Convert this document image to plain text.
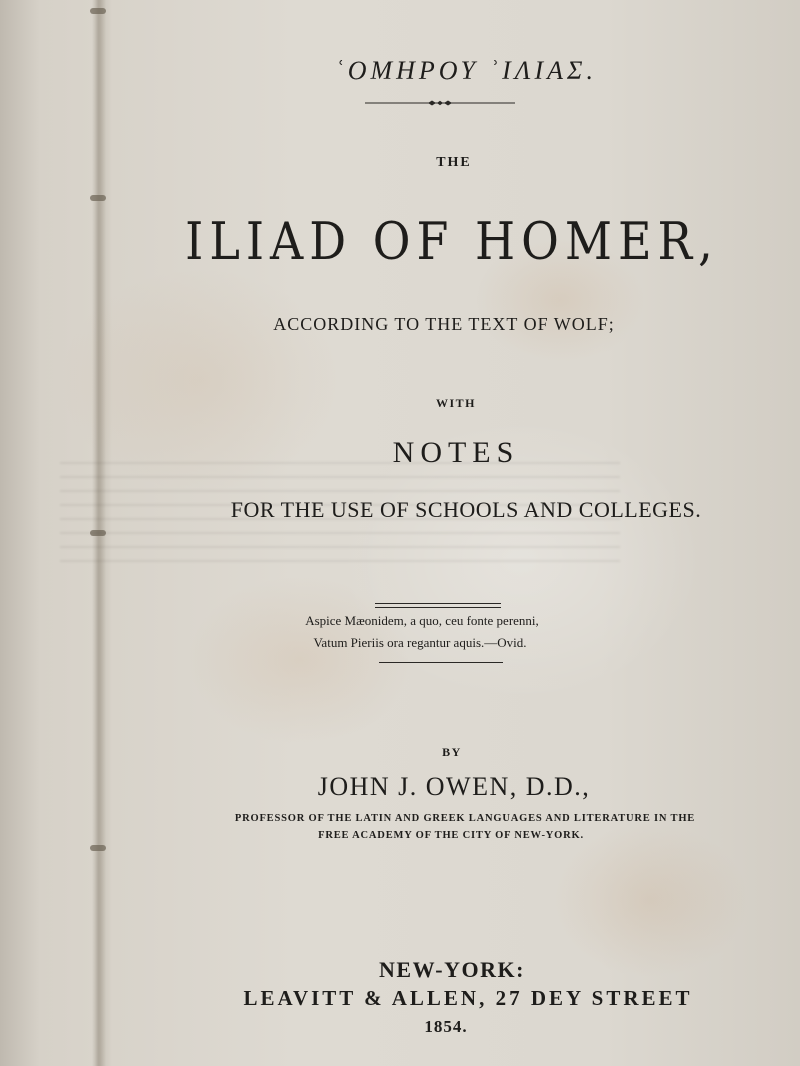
ʿΟΜΗΡΟΥ ʾΙΛΙΑΣ.
THE
ILIAD OF HOMER,
ACCORDING TO THE TEXT OF WOLF;
WITH
NOTES
FOR THE USE OF SCHOOLS AND COLLEGES.
Aspice Mæonidem, a quo, ceu fonte perenni,
Vatum Pieriis ora regantur aquis.—Ovid.
BY
JOHN J. OWEN, D.D.,
PROFESSOR OF THE LATIN AND GREEK LANGUAGES AND LITERATURE IN THE
FREE ACADEMY OF THE CITY OF NEW-YORK.
NEW-YORK:
LEAVITT & ALLEN, 27 DEY STREET
1854.
